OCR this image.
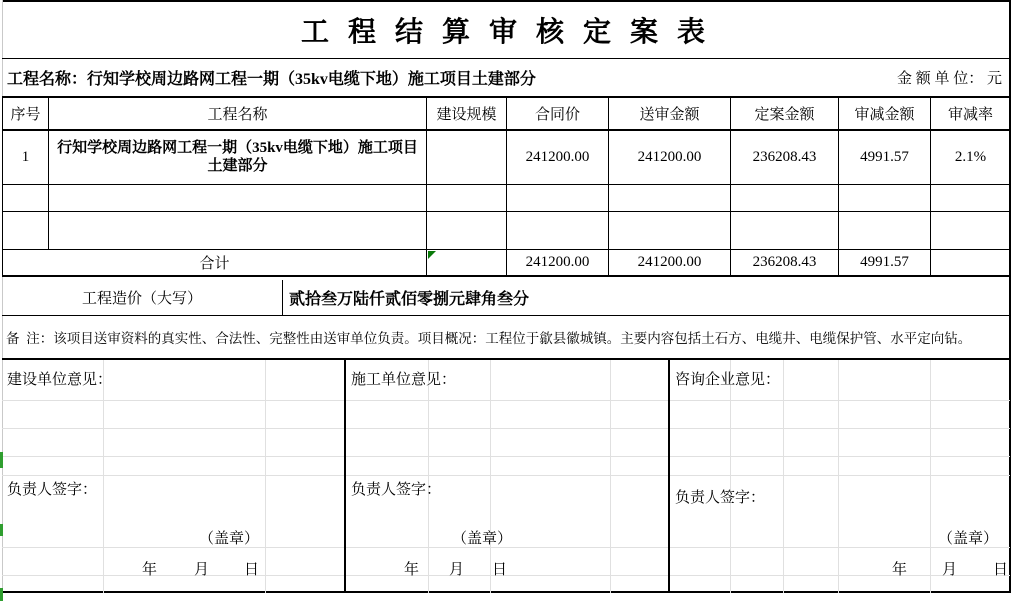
工 程 结 算 审 核 定 案 表
工程名称：行知学校周边路网工程一期（35kv电缆下地）施工项目土建部分	金 额 单 位： 元
序号	工程名称	建设规模	合同价	送审金额	定案金额	审减金额	审减率
1	行知学校周边路网工程一期（35kv电缆下地）施工项目土建部分		241200.00	241200.00	236208.43	4991.57	2.1%

合计			241200.00	241200.00	236208.43	4991.57	
工程造价（大写）	贰拾叁万陆仟贰佰零捌元肆角叁分
备  注：该项目送审资料的真实性、合法性、完整性由送审单位负责。项目概况：工程位于歙县徽城镇。主要内容包括土石方、电缆井、电缆保护管、水平定向钻。
建设单位意见：
负责人签字：
（盖章）
年 月 日
施工单位意见：
负责人签字：
（盖章）
年 月 日
咨询企业意见：
负责人签字：
（盖章）
年 月 日
